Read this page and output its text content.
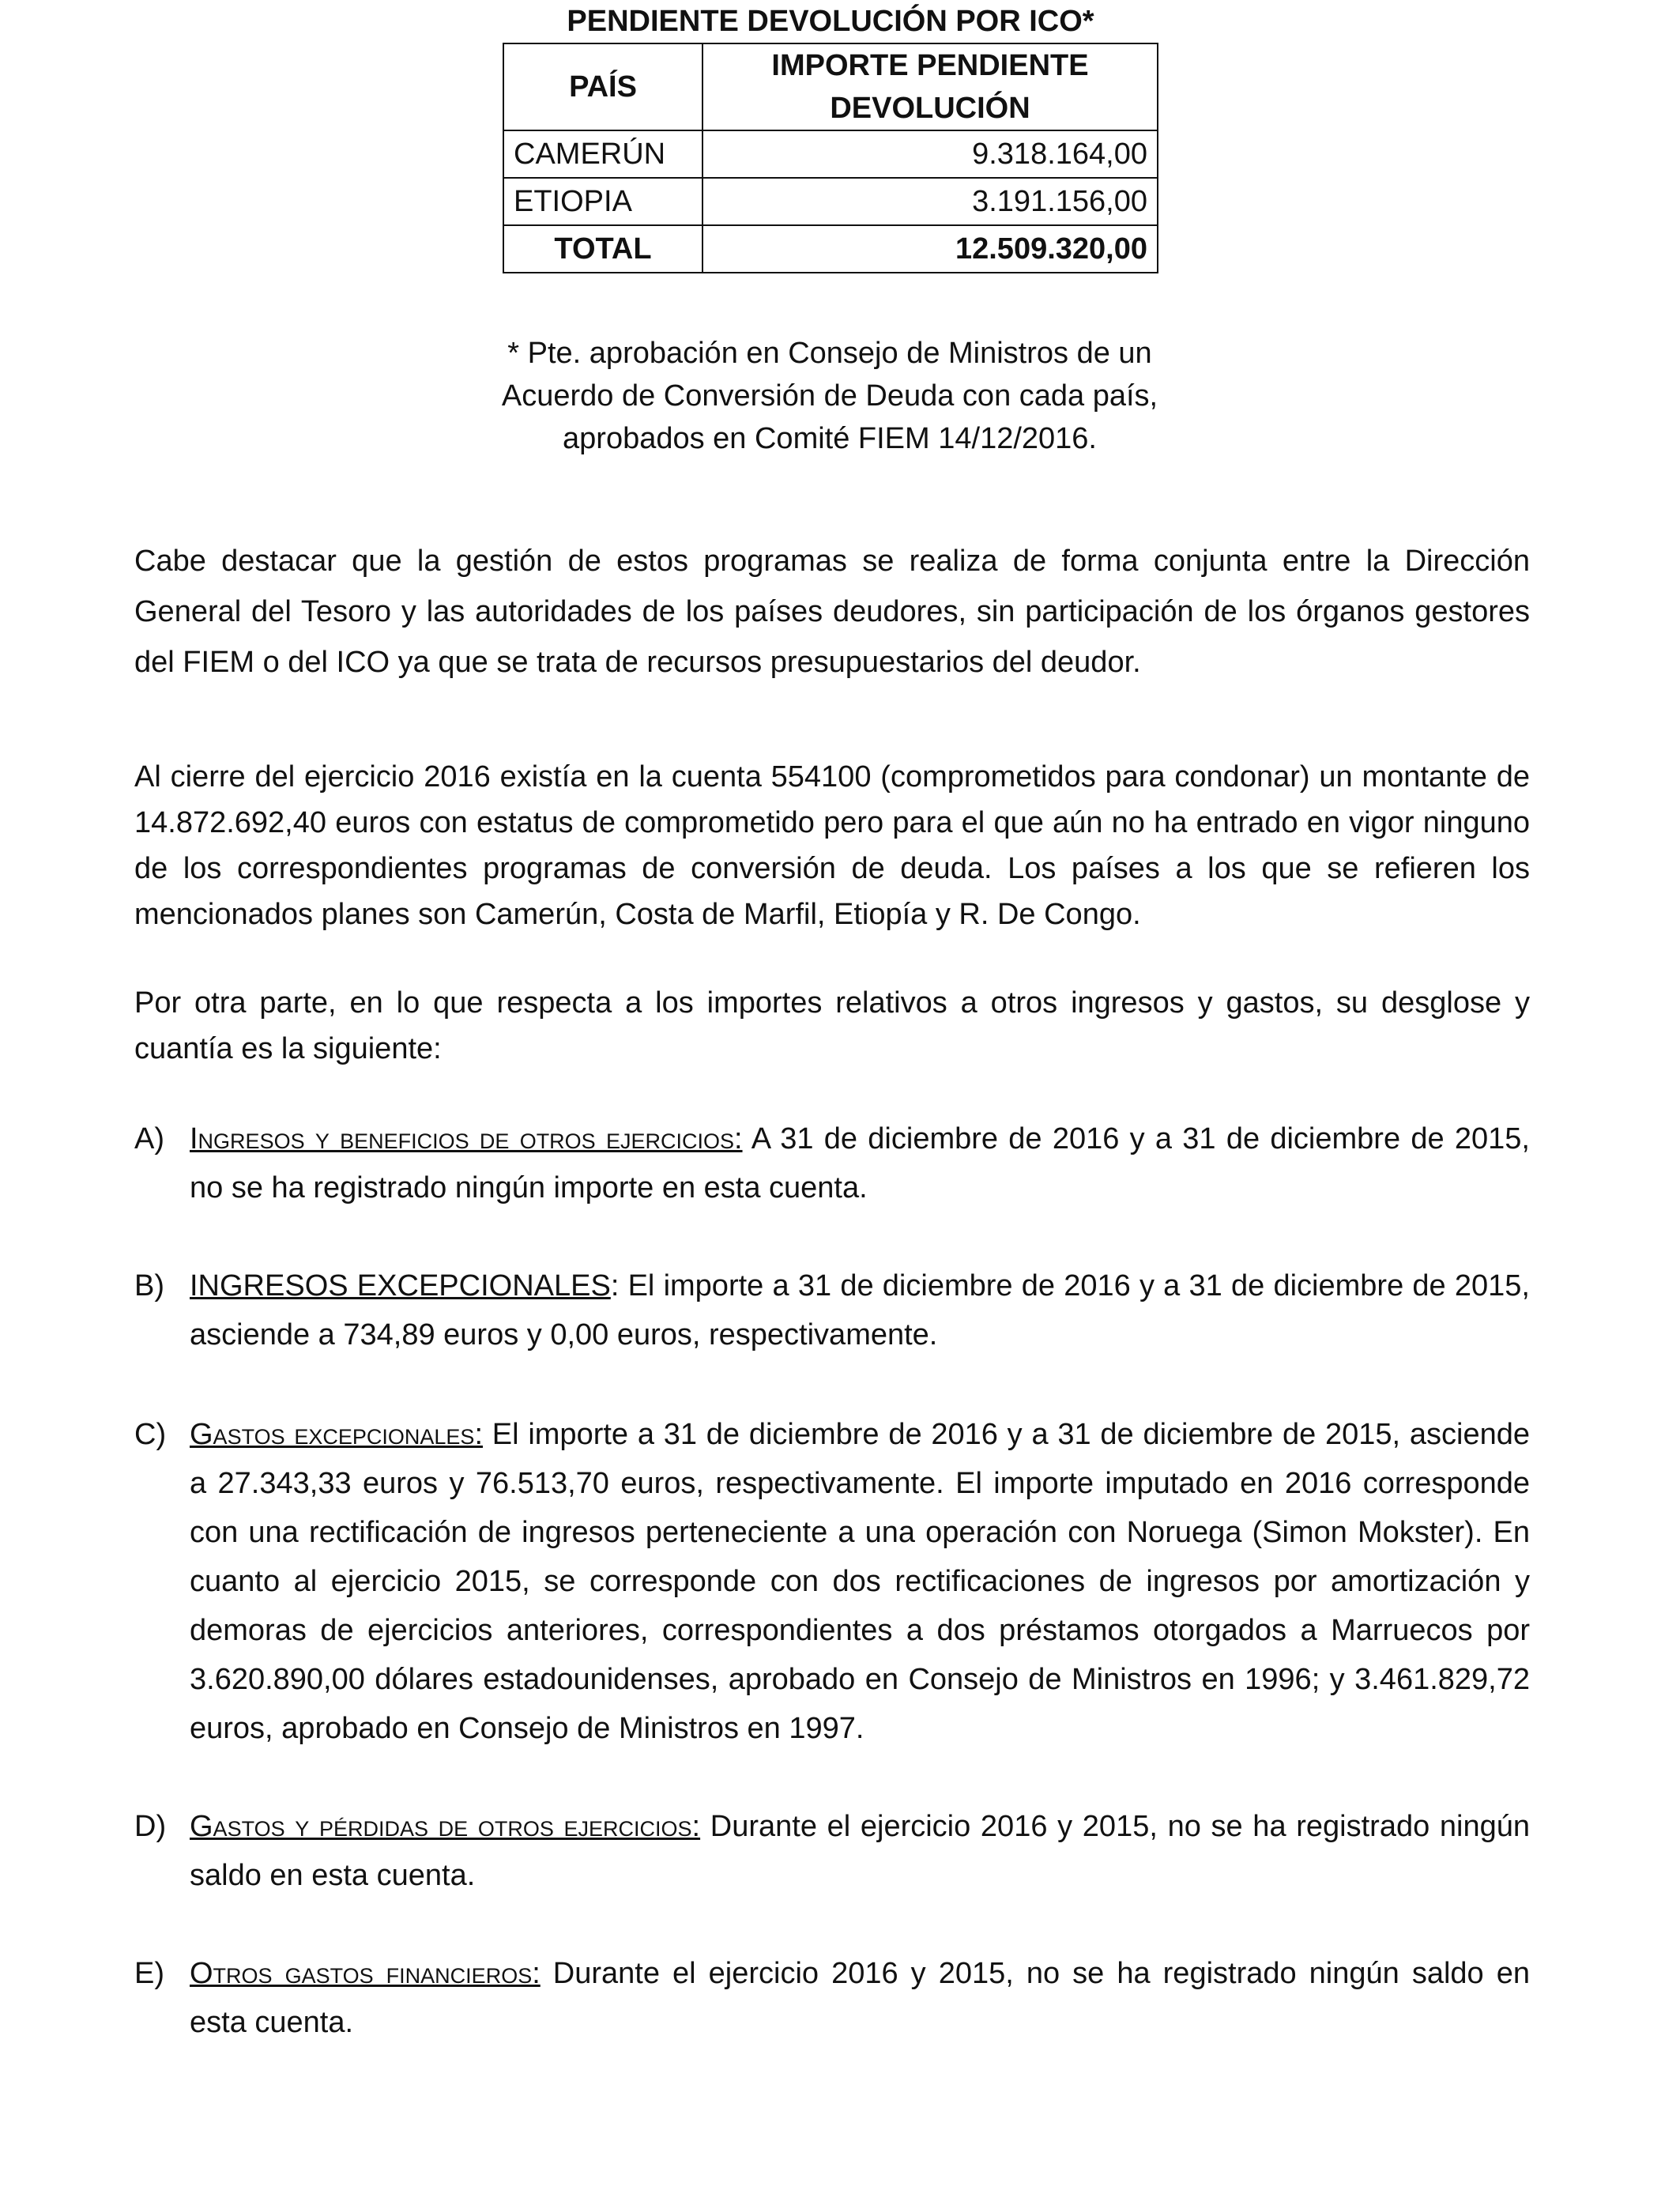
PENDIENTE DEVOLUCIÓN POR ICO*
PAÍS	IMPORTE PENDIENTE DEVOLUCIÓN
CAMERÚN	9.318.164,00
ETIOPIA	3.191.156,00
TOTAL	12.509.320,00
* Pte. aprobación en Consejo de Ministros de un Acuerdo de Conversión de Deuda con cada país, aprobados en Comité FIEM 14/12/2016.

Cabe destacar que la gestión de estos programas se realiza de forma conjunta entre la Dirección General del Tesoro y las autoridades de los países deudores, sin participación de los órganos gestores del FIEM o del ICO ya que se trata de recursos presupuestarios del deudor.

Al cierre del ejercicio 2016 existía en la cuenta 554100 (comprometidos para condonar) un montante de 14.872.692,40 euros con estatus de comprometido pero para el que aún no ha entrado en vigor ninguno de los correspondientes programas de conversión de deuda. Los países a los que se refieren los mencionados planes son Camerún, Costa de Marfil, Etiopía y R. De Congo.

Por otra parte, en lo que respecta a los importes relativos a otros ingresos y gastos, su desglose y cuantía es la siguiente:

A) Ingresos y beneficios de otros ejercicios: A 31 de diciembre de 2016 y a 31 de diciembre de 2015, no se ha registrado ningún importe en esta cuenta.
B) INGRESOS EXCEPCIONALES: El importe a 31 de diciembre de 2016 y a 31 de diciembre de 2015, asciende a 734,89 euros y 0,00 euros, respectivamente.
C) Gastos excepcionales: El importe a 31 de diciembre de 2016 y a 31 de diciembre de 2015, asciende a 27.343,33 euros y 76.513,70 euros, respectivamente. El importe imputado en 2016 corresponde con una rectificación de ingresos perteneciente a una operación con Noruega (Simon Mokster). En cuanto al ejercicio 2015, se corresponde con dos rectificaciones de ingresos por amortización y demoras de ejercicios anteriores, correspondientes a dos préstamos otorgados a Marruecos por 3.620.890,00 dólares estadounidenses, aprobado en Consejo de Ministros en 1996; y 3.461.829,72 euros, aprobado en Consejo de Ministros en 1997.
D) Gastos y pérdidas de otros ejercicios: Durante el ejercicio 2016 y 2015, no se ha registrado ningún saldo en esta cuenta.
E) Otros gastos financieros: Durante el ejercicio 2016 y 2015, no se ha registrado ningún saldo en esta cuenta.
